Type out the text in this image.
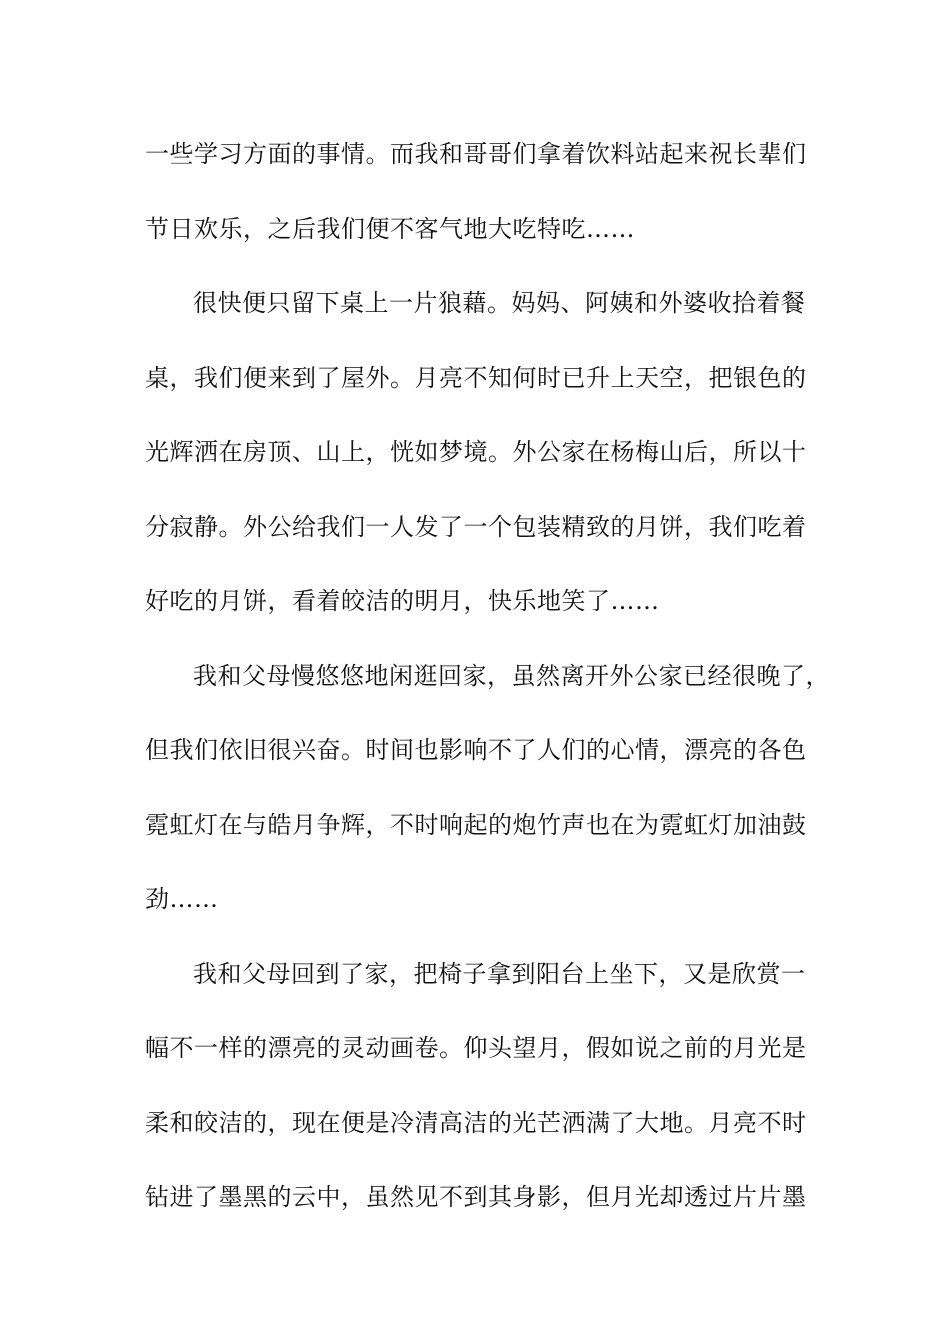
一些学习方面的事情。而我和哥哥们拿着饮料站起来祝长辈们
节日欢乐，之后我们便不客气地大吃特吃……
很快便只留下桌上一片狼藉。妈妈、阿姨和外婆收拾着餐
桌，我们便来到了屋外。月亮不知何时已升上天空，把银色的
光辉洒在房顶、山上，恍如梦境。外公家在杨梅山后，所以十
分寂静。外公给我们一人发了一个包装精致的月饼，我们吃着
好吃的月饼，看着皎洁的明月，快乐地笑了……
我和父母慢悠悠地闲逛回家，虽然离开外公家已经很晚了，
但我们依旧很兴奋。时间也影响不了人们的心情，漂亮的各色
霓虹灯在与皓月争辉，不时响起的炮竹声也在为霓虹灯加油鼓
劲……
我和父母回到了家，把椅子拿到阳台上坐下，又是欣赏一
幅不一样的漂亮的灵动画卷。仰头望月，假如说之前的月光是
柔和皎洁的，现在便是冷清高洁的光芒洒满了大地。月亮不时
钻进了墨黑的云中，虽然见不到其身影，但月光却透过片片墨
